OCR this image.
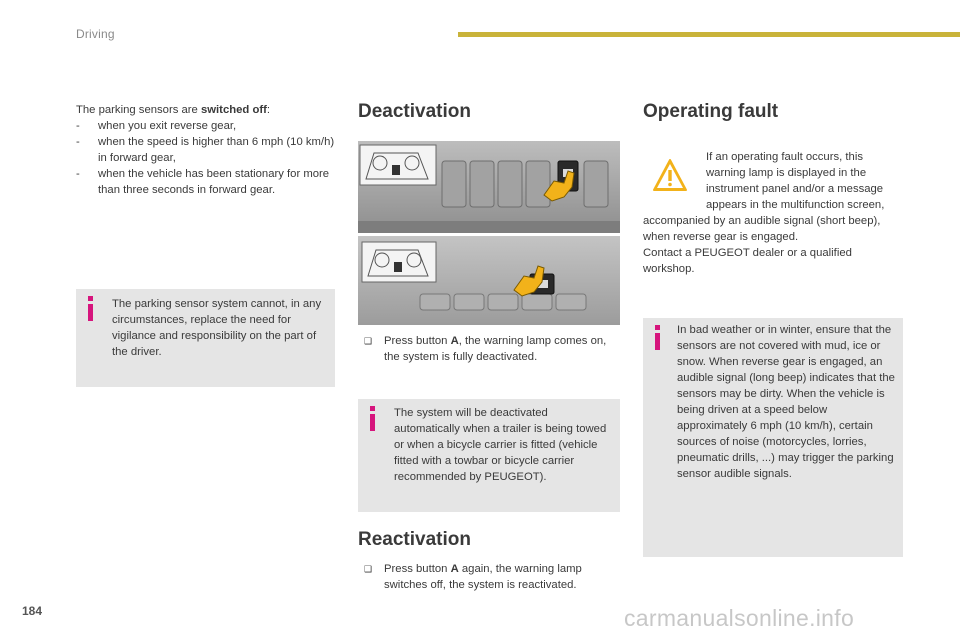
Driving
The parking sensors are switched off:
- when you exit reverse gear,
- when the speed is higher than 6 mph (10 km/h) in forward gear,
- when the vehicle has been stationary for more than three seconds in forward gear.
The parking sensor system cannot, in any circumstances, replace the need for vigilance and responsibility on the part of the driver.
Deactivation
❑ Press button A, the warning lamp comes on, the system is fully deactivated.
The system will be deactivated automatically when a trailer is being towed or when a bicycle carrier is fitted (vehicle fitted with a towbar or bicycle carrier recommended by PEUGEOT).
Reactivation
❑ Press button A again, the warning lamp switches off, the system is reactivated.
Operating fault
If an operating fault occurs, this
warning lamp is displayed in the
instrument panel and/or a message
appears in the multifunction screen,
accompanied by an audible signal (short beep),
when reverse gear is engaged.
Contact a PEUGEOT dealer or a qualified
workshop.
In bad weather or in winter, ensure that the sensors are not covered with mud, ice or snow. When reverse gear is engaged, an audible signal (long beep) indicates that the sensors may be dirty. When the vehicle is being driven at a speed below approximately 6 mph (10 km/h), certain sources of noise (motorcycles, lorries, pneumatic drills, ...) may trigger the parking sensor audible signals.
184	carmanualsonline.info
